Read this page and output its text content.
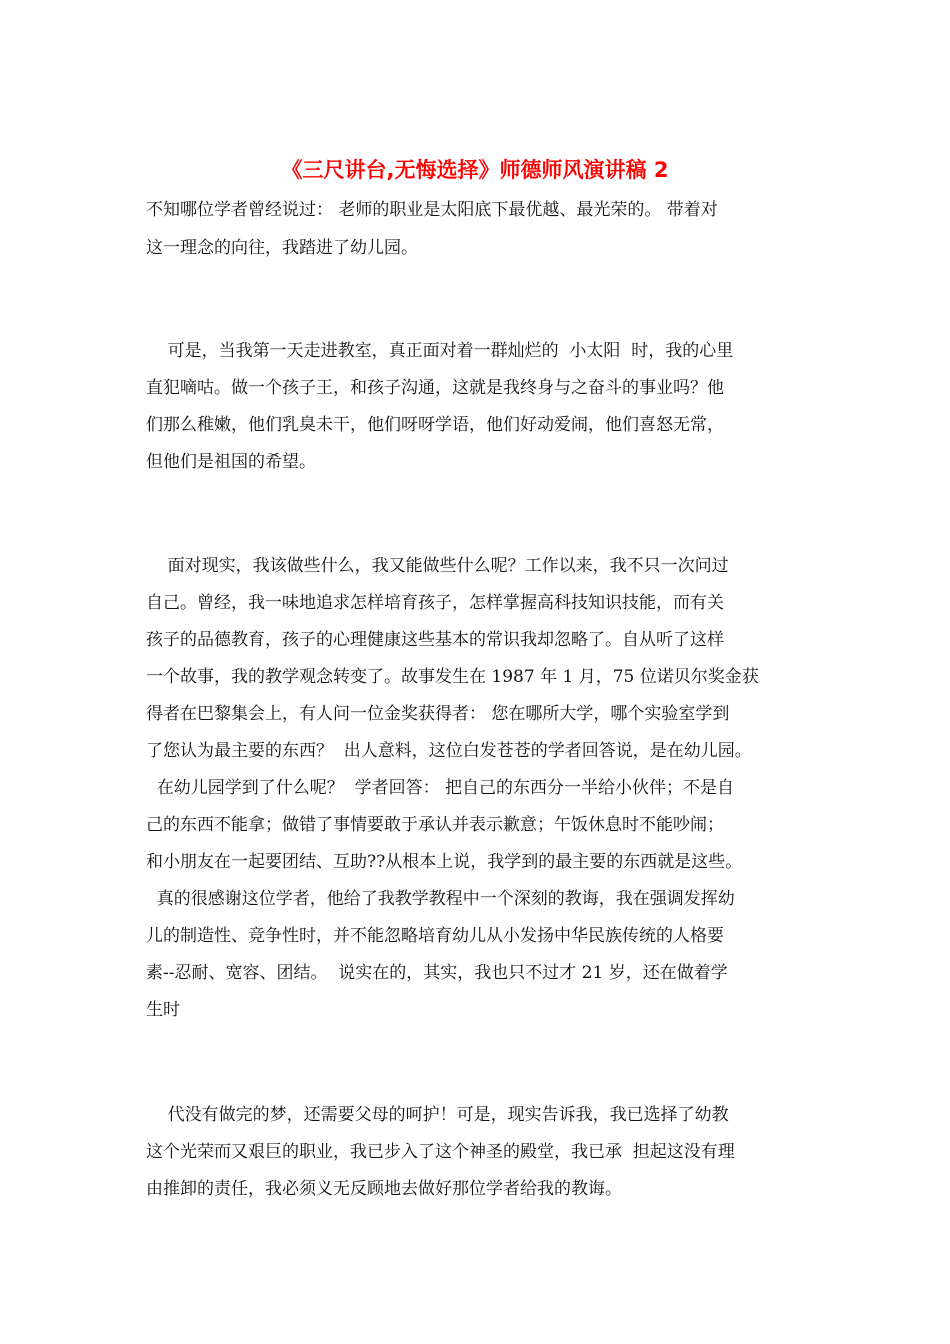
《三尺讲台,无悔选择》师德师风演讲稿 2
不知哪位学者曾经说过： 老师的职业是太阳底下最优越、最光荣的。 带着对
这一理念的向往，我踏进了幼儿园。
可是，当我第一天走进教室，真正面对着一群灿烂的  小太阳  时，我的心里
直犯嘀咕。做一个孩子王，和孩子沟通，这就是我终身与之奋斗的事业吗？他
们那么稚嫩，他们乳臭未干，他们呀呀学语，他们好动爱闹，他们喜怒无常，
但他们是祖国的希望。
面对现实，我该做些什么，我又能做些什么呢？工作以来，我不只一次问过
自己。曾经，我一味地追求怎样培育孩子，怎样掌握高科技知识技能，而有关
孩子的品德教育，孩子的心理健康这些基本的常识我却忽略了。自从听了这样
一个故事，我的教学观念转变了。故事发生在 1987 年 1 月，75 位诺贝尔奖金获
得者在巴黎集会上，有人问一位金奖获得者： 您在哪所大学，哪个实验室学到
了您认为最主要的东西？  出人意料，这位白发苍苍的学者回答说，是在幼儿园。
在幼儿园学到了什么呢？  学者回答： 把自己的东西分一半给小伙伴；不是自
己的东西不能拿；做错了事情要敢于承认并表示歉意；午饭休息时不能吵闹；
和小朋友在一起要团结、互助??从根本上说，我学到的最主要的东西就是这些。
真的很感谢这位学者，他给了我教学教程中一个深刻的教诲，我在强调发挥幼
儿的制造性、竞争性时，并不能忽略培育幼儿从小发扬中华民族传统的人格要
素--忍耐、宽容、团结。  说实在的，其实，我也只不过才 21 岁，还在做着学
生时
代没有做完的梦，还需要父母的呵护！可是，现实告诉我，我已选择了幼教
这个光荣而又艰巨的职业，我已步入了这个神圣的殿堂，我已承  担起这没有理
由推卸的责任，我必须义无反顾地去做好那位学者给我的教诲。
